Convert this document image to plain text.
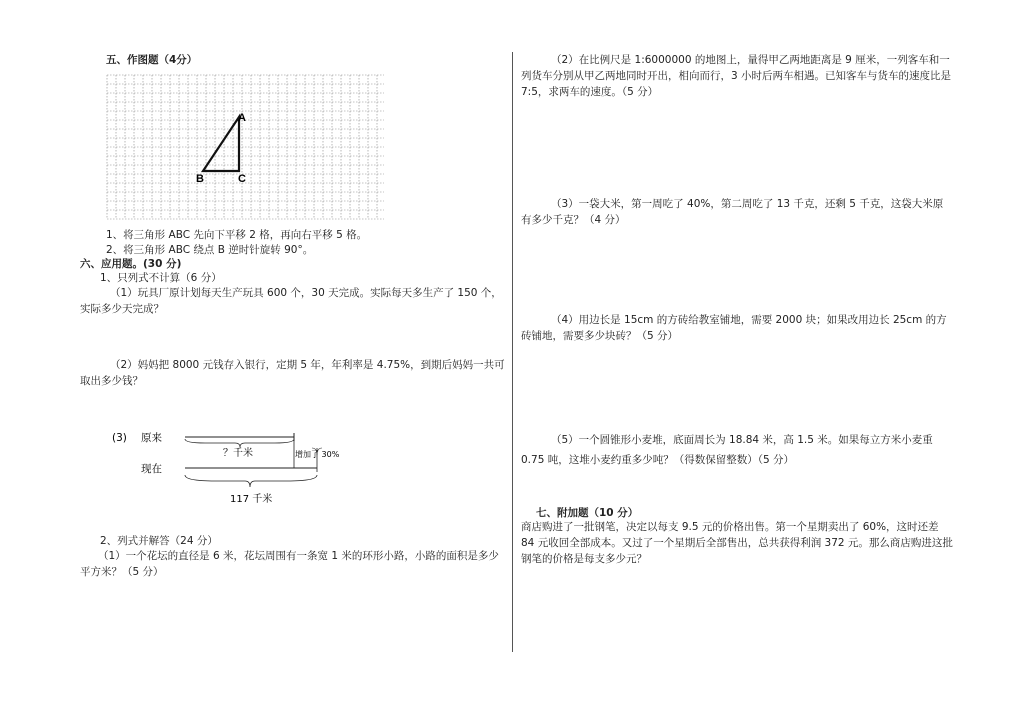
五、作图题（4分）
A
B	C
1、将三角形 ABC 先向下平移 2 格，再向右平移 5 格。
2、将三角形 ABC 绕点 B 逆时针旋转 90°。
六、应用题。(30 分)
1、只列式不计算（6 分）
（1）玩具厂原计划每天生产玩具 600 个，30 天完成。实际每天多生产了 150 个，实际多少天完成？
（2）妈妈把 8000 元钱存入银行，定期 5 年，年利率是 4.75%，到期后妈妈一共可取出多少钱？
(3) 原来
现在
？千米	增加了 30%
117 千米
2、列式并解答（24 分）
（1）一个花坛的直径是 6 米，花坛周围有一条宽 1 米的环形小路，小路的面积是多少平方米？（5 分）
（2）在比例尺是 1:6000000 的地图上，量得甲乙两地距离是 9 厘米，一列客车和一列货车分别从甲乙两地同时开出，相向而行，3 小时后两车相遇。已知客车与货车的速度比是 7:5，求两车的速度。（5 分）
（3）一袋大米，第一周吃了 40%，第二周吃了 13 千克，还剩 5 千克，这袋大米原有多少千克？（4 分）
（4）用边长是 15cm 的方砖给教室铺地，需要 2000 块；如果改用边长 25cm 的方砖铺地，需要多少块砖？（5 分）
（5）一个圆锥形小麦堆，底面周长为 18.84 米，高 1.5 米。如果每立方米小麦重 0.75 吨，这堆小麦约重多少吨？（得数保留整数）（5 分）
七、附加题（10 分）
商店购进了一批钢笔，决定以每支 9.5 元的价格出售。第一个星期卖出了 60%，这时还差 84 元收回全部成本。又过了一个星期后全部售出，总共获得利润 372 元。那么商店购进这批钢笔的价格是每支多少元？
